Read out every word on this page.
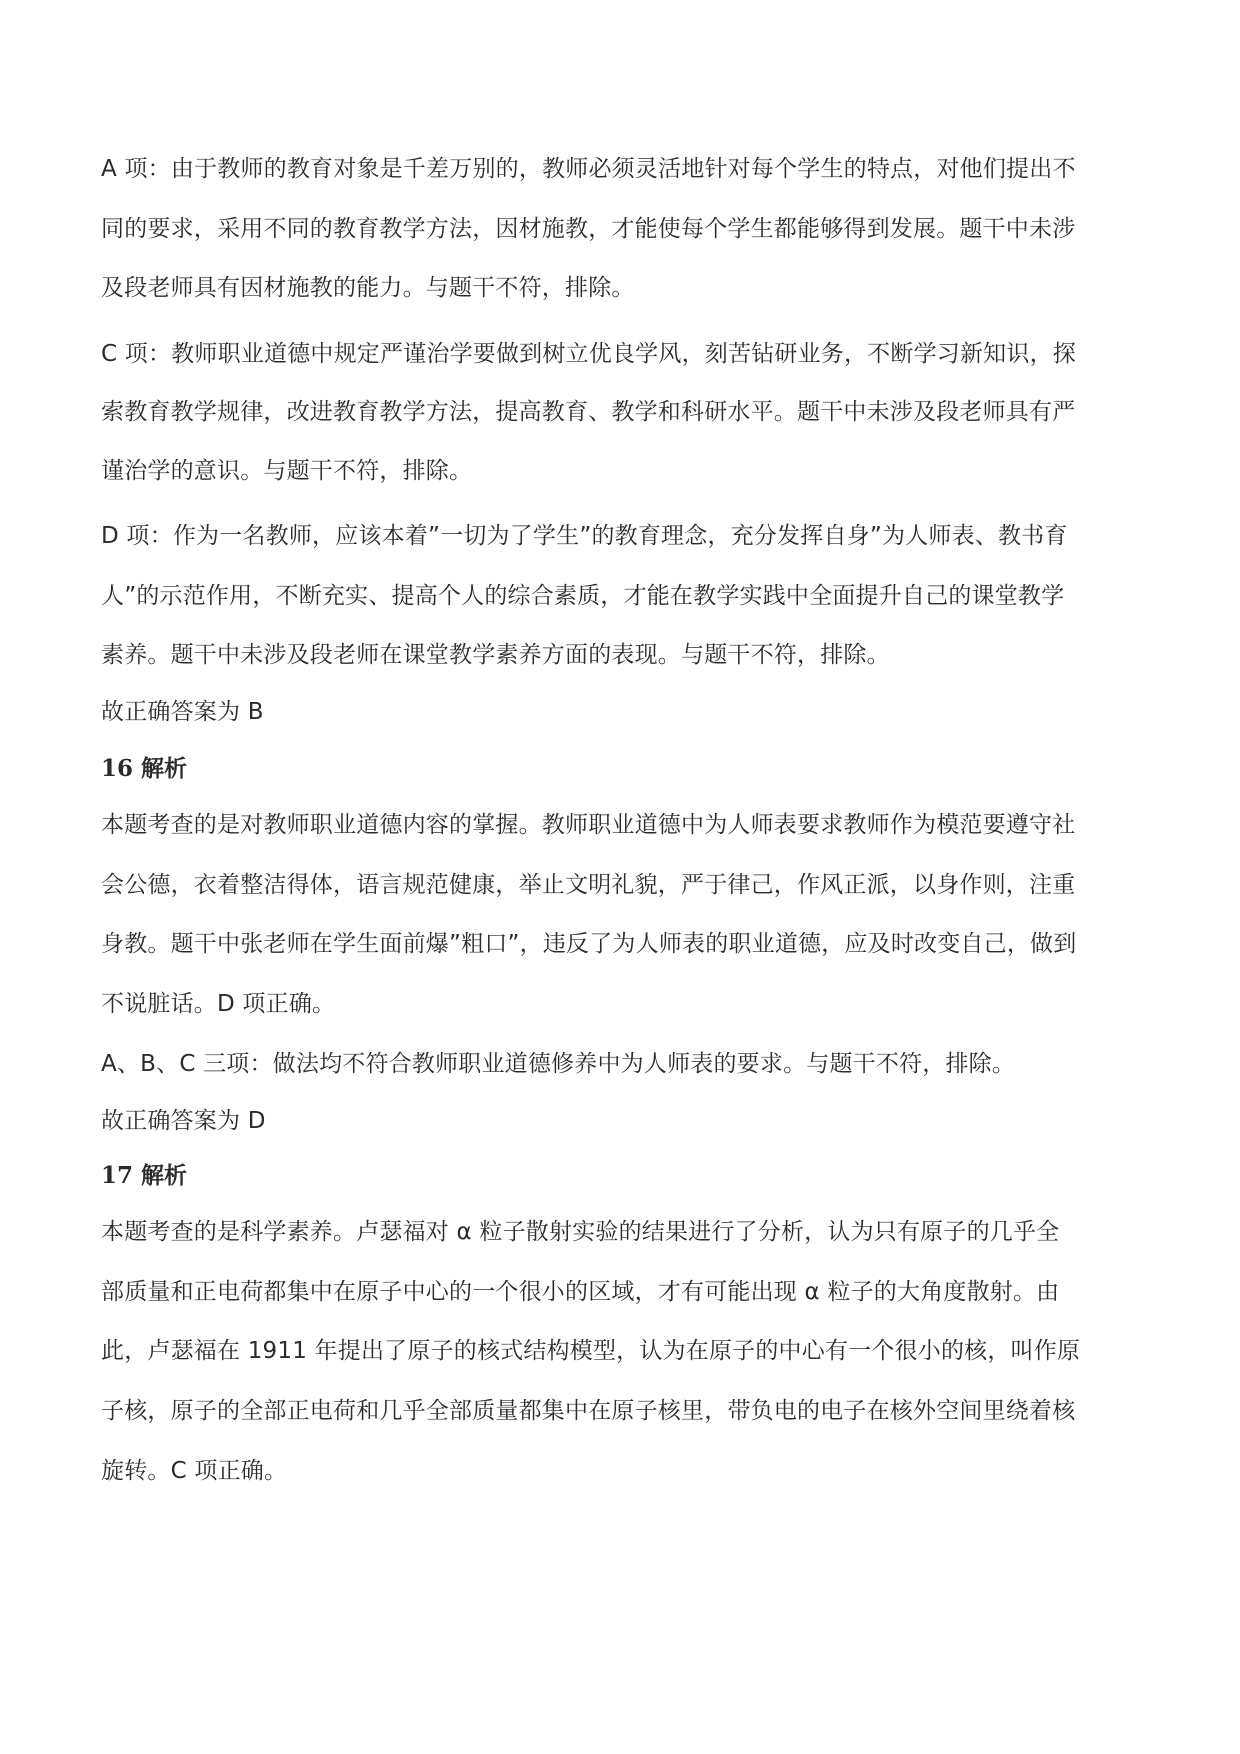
A 项：由于教师的教育对象是千差万别的，教师必须灵活地针对每个学生的特点，对他们提出不
同的要求，采用不同的教育教学方法，因材施教，才能使每个学生都能够得到发展。题干中未涉
及段老师具有因材施教的能力。与题干不符，排除。
C 项：教师职业道德中规定严谨治学要做到树立优良学风，刻苦钻研业务，不断学习新知识，探
索教育教学规律，改进教育教学方法，提高教育、教学和科研水平。题干中未涉及段老师具有严
谨治学的意识。与题干不符，排除。
D 项：作为一名教师，应该本着”一切为了学生”的教育理念，充分发挥自身”为人师表、教书育
人”的示范作用，不断充实、提高个人的综合素质，才能在教学实践中全面提升自己的课堂教学
素养。题干中未涉及段老师在课堂教学素养方面的表现。与题干不符，排除。
故正确答案为 B
16 解析
本题考查的是对教师职业道德内容的掌握。教师职业道德中为人师表要求教师作为模范要遵守社
会公德，衣着整洁得体，语言规范健康，举止文明礼貌，严于律己，作风正派，以身作则，注重
身教。题干中张老师在学生面前爆”粗口”，违反了为人师表的职业道德，应及时改变自己，做到
不说脏话。D 项正确。
A、B、C 三项：做法均不符合教师职业道德修养中为人师表的要求。与题干不符，排除。
故正确答案为 D
17 解析
本题考查的是科学素养。卢瑟福对 α 粒子散射实验的结果进行了分析，认为只有原子的几乎全
部质量和正电荷都集中在原子中心的一个很小的区域，才有可能出现 α 粒子的大角度散射。由
此，卢瑟福在 1911 年提出了原子的核式结构模型，认为在原子的中心有一个很小的核，叫作原
子核，原子的全部正电荷和几乎全部质量都集中在原子核里，带负电的电子在核外空间里绕着核
旋转。C 项正确。
